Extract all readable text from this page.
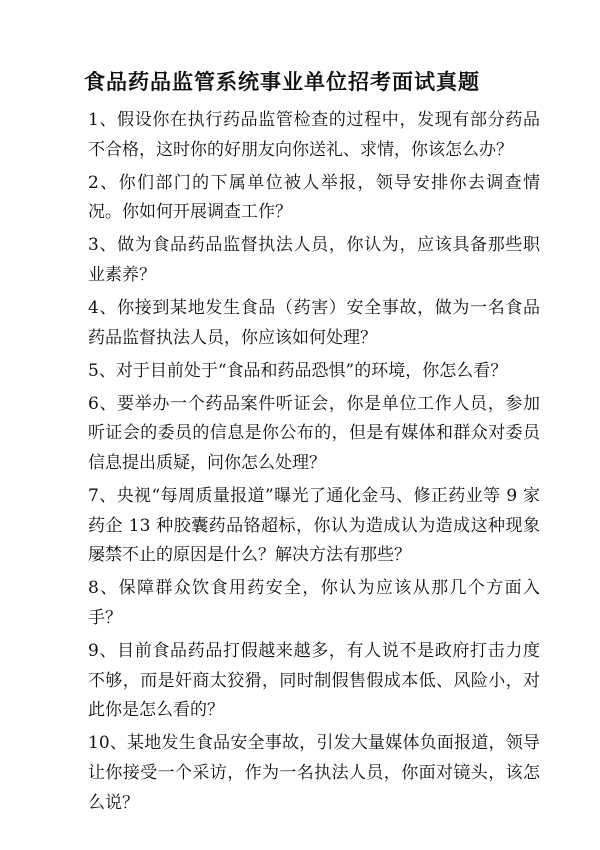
食品药品监管系统事业单位招考面试真题
1、假设你在执行药品监管检查的过程中，发现有部分药品不合格，这时你的好朋友向你送礼、求情，你该怎么办？
2、你们部门的下属单位被人举报，领导安排你去调查情况。你如何开展调查工作？
3、做为食品药品监督执法人员，你认为，应该具备那些职业素养？
4、你接到某地发生食品（药害）安全事故，做为一名食品药品监督执法人员，你应该如何处理？
5、对于目前处于“食品和药品恐惧”的环境，你怎么看？
6、要举办一个药品案件听证会，你是单位工作人员，参加听证会的委员的信息是你公布的，但是有媒体和群众对委员信息提出质疑，问你怎么处理？
7、央视“每周质量报道”曝光了通化金马、修正药业等 9 家药企 13 种胶囊药品铬超标，你认为造成认为造成这种现象屡禁不止的原因是什么？解决方法有那些？
8、保障群众饮食用药安全，你认为应该从那几个方面入手？
9、目前食品药品打假越来越多，有人说不是政府打击力度不够，而是奸商太狡猾，同时制假售假成本低、风险小，对此你是怎么看的？
10、某地发生食品安全事故，引发大量媒体负面报道，领导让你接受一个采访，作为一名执法人员，你面对镜头，该怎么说？
